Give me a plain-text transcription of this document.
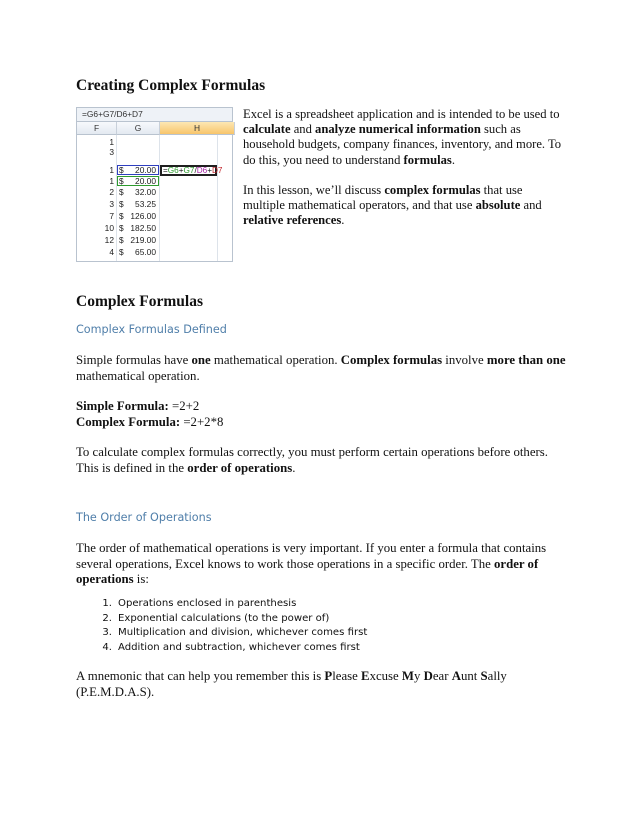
Creating Complex Formulas
=G6+G7/D6+D7
F	G	H
1
3
1 $ 20.00
1 $ 20.00
2 $ 32.00
3 $ 53.25
7 $ 126.00
10 $ 182.50
12 $ 219.00
4 $ 65.00
=G6+G7/D6+D7

Excel is a spreadsheet application and is intended to be used to calculate and analyze numerical information such as household budgets, company finances, inventory, and more. To do this, you need to understand formulas.

In this lesson, we’ll discuss complex formulas that use multiple mathematical operators, and that use absolute and relative references.

Complex Formulas
Complex Formulas Defined

Simple formulas have one mathematical operation. Complex formulas involve more than one mathematical operation.

Simple Formula: =2+2

Complex Formula: =2+2*8

To calculate complex formulas correctly, you must perform certain operations before others. This is defined in the order of operations.

The Order of Operations

The order of mathematical operations is very important. If you enter a formula that contains several operations, Excel knows to work those operations in a specific order. The order of operations is:

1. Operations enclosed in parenthesis
2. Exponential calculations (to the power of)
3. Multiplication and division, whichever comes first
4. Addition and subtraction, whichever comes first

A mnemonic that can help you remember this is Please Excuse My Dear Aunt Sally
(P.E.M.D.A.S).
